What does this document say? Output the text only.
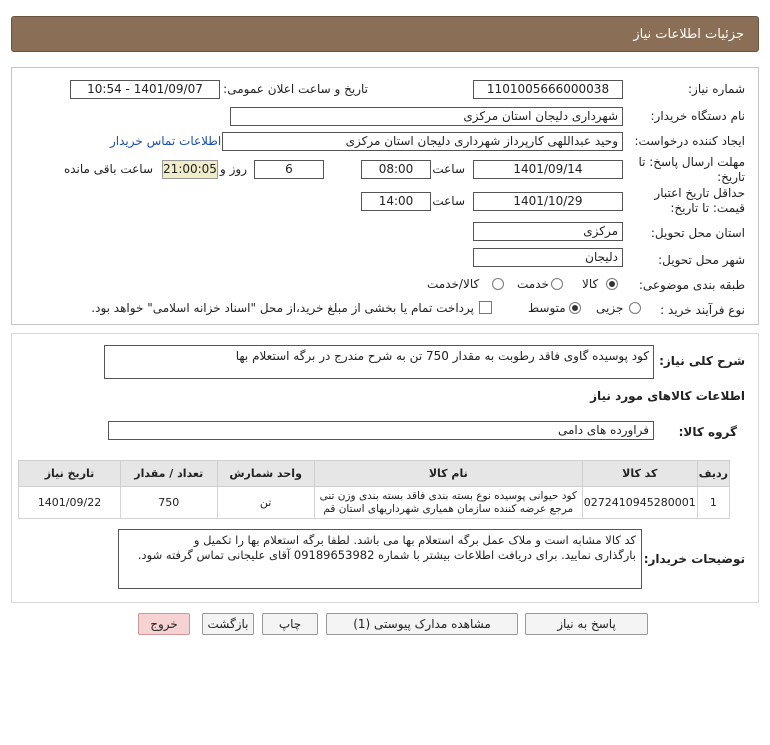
جزئیات اطلاعات نیاز
شماره نیاز:
1101005666000038
تاریخ و ساعت اعلان عمومی:
1401/09/07 - 10:54
نام دستگاه خریدار:
شهرداری دلیجان استان مرکزی
ایجاد کننده درخواست:
وحید عبداللهی کارپرداز شهرداری دلیجان استان مرکزی
اطلاعات تماس خریدار
مهلت ارسال پاسخ: تا
تاریخ:
1401/09/14
ساعت
08:00
6
روز و
21:00:05
ساعت باقی مانده
حداقل تاریخ اعتبار
قیمت: تا تاریخ:
1401/10/29
ساعت
14:00
استان محل تحویل:
مرکزی
شهر محل تحویل:
دلیجان
طبقه بندی موضوعی:
کالا
خدمت
کالا/خدمت
نوع فرآیند خرید :
جزیی
متوسط
پرداخت تمام یا بخشی از مبلغ خرید،از محل "اسناد خزانه اسلامی" خواهد بود.
شرح کلی نیاز:
کود پوسیده گاوی فاقد رطوبت به مقدار 750 تن به شرح مندرج در برگه استعلام بها
اطلاعات کالاهای مورد نیاز
گروه کالا:
فراورده های دامی
ردیف	کد کالا	نام کالا	واحد شمارش	تعداد / مقدار	تاریخ نیاز
1	0272410945280001	کود حیوانی پوسیده نوع بسته بندی فاقد بسته بندی وزن تنی
مرجع عرضه کننده سازمان همیاری شهرداریهای استان قم	تن	750	1401/09/22
توضیحات خریدار:
کد کالا مشابه است و ملاک عمل برگه استعلام بها می باشد. لطفا برگه استعلام بها را تکمیل و
بارگذاری نمایید. برای دریافت اطلاعات بیشتر با شماره 09189653982 آقای علیجانی تماس گرفته شود.
پاسخ به نیاز
مشاهده مدارک پیوستی (1)
چاپ
بازگشت
خروج
